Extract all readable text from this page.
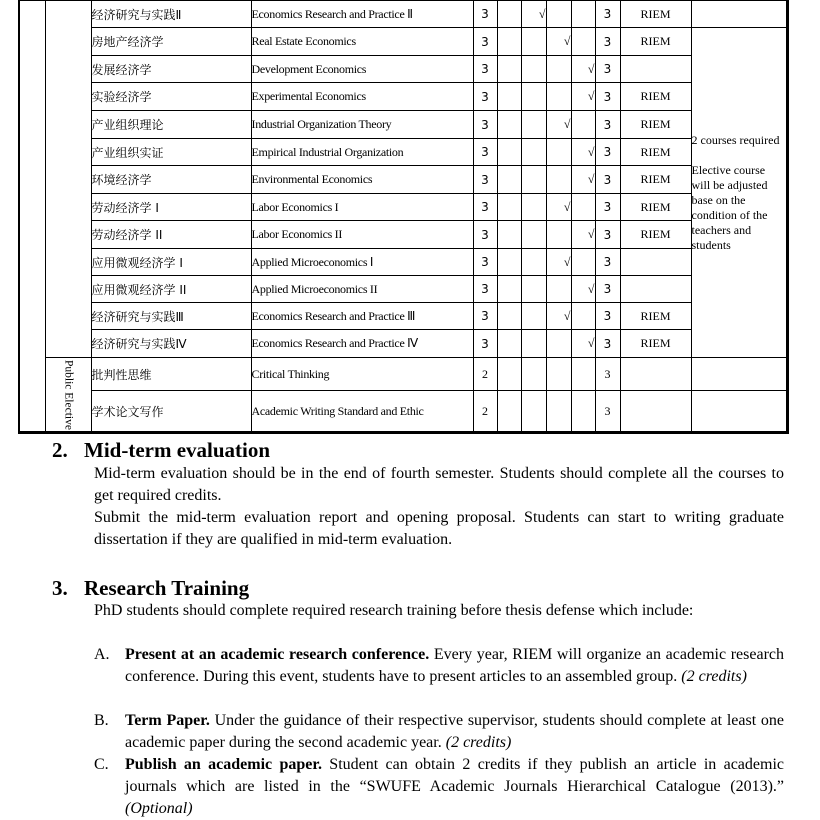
		经济研究与实践Ⅱ	Economics Research and Practice Ⅱ	3		√			3	RIEM	
		房地产经济学	Real Estate Economics	3			√		3	RIEM	2 courses required
Elective course will be adjusted base on the condition of the teachers and students

		发展经济学	Development Economics	3				√	3		
		实验经济学	Experimental Economics	3				√	3	RIEM	
		产业组织理论	Industrial Organization Theory	3			√		3	RIEM	
		产业组织实证	Empirical Industrial Organization	3				√	3	RIEM	
		环境经济学	Environmental Economics	3				√	3	RIEM	
		劳动经济学 I	Labor Economics I	3			√		3	RIEM	
		劳动经济学 II	Labor Economics II	3				√	3	RIEM	
		应用微观经济学 I	Applied Microeconomics Ⅰ	3			√		3		
		应用微观经济学 II	Applied Microeconomics II	3				√	3		
		经济研究与实践Ⅲ	Economics Research and Practice Ⅲ	3			√		3	RIEM	
		经济研究与实践Ⅳ	Economics Research and Practice Ⅳ	3				√	3	RIEM	

	Public Elective	批判性思维	Critical Thinking	2					3		
		学术论文写作	Academic Writing Standard and Ethic	2					3		
2. Mid-term evaluation

Mid-term evaluation should be in the end of fourth semester. Students should complete all the courses to get required credits.

Submit the mid-term evaluation report and opening proposal. Students can start to writing graduate dissertation if they are qualified in mid-term evaluation.

3. Research Training

PhD students should complete required research training before thesis defense which include:

A. Present at an academic research conference. Every year, RIEM will organize an academic research conference. During this event, students have to present articles to an assembled group. (2 credits)
B.	Term Paper. Under the guidance of their respective supervisor, students should complete at least one academic paper during the second academic year. (2 credits)
C.	Publish an academic paper. Student can obtain 2 credits if they publish an article in academic journals which are listed in the “SWUFE Academic Journals Hierarchical Catalogue (2013).” (Optional)
